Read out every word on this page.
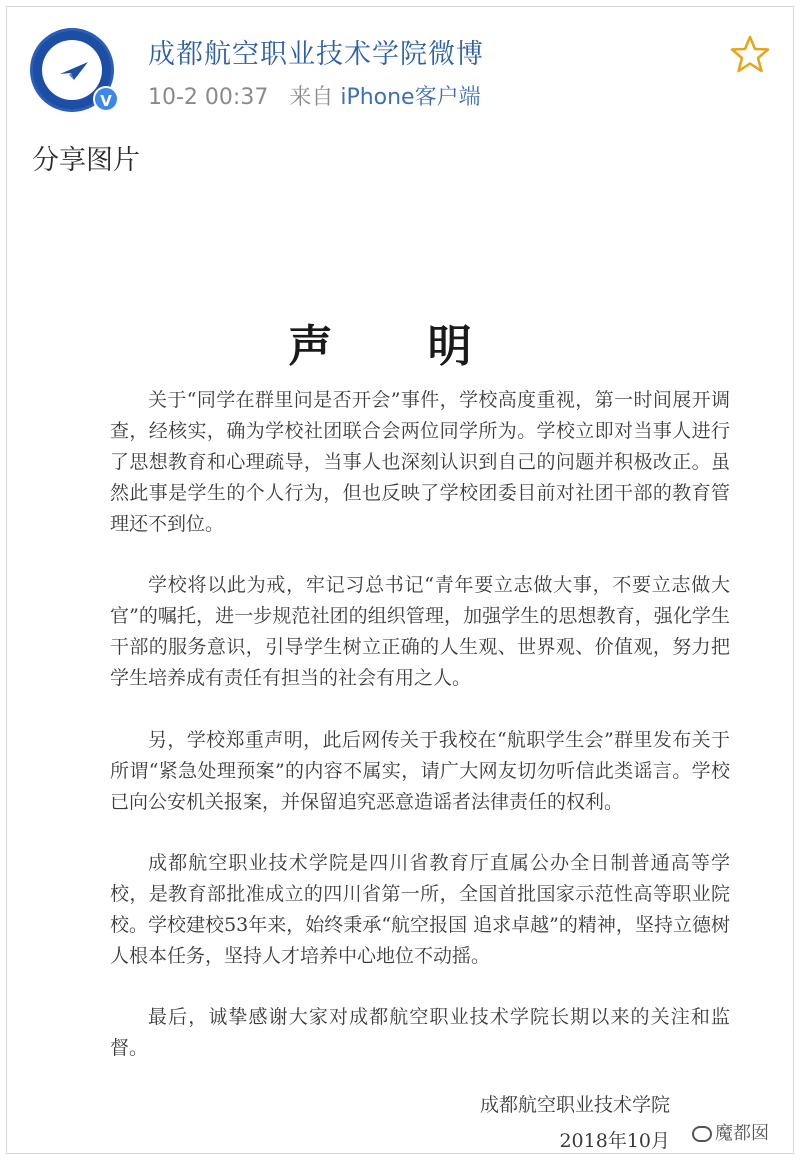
V
成都航空职业技术学院微博
10-2 00:37 来自 iPhone客户端
分享图片
声 明
关于“同学在群里问是否开会”事件，学校高度重视，第一时间展开调查，经核实，确为学校社团联合会两位同学所为。学校立即对当事人进行了思想教育和心理疏导，当事人也深刻认识到自己的问题并积极改正。虽然此事是学生的个人行为，但也反映了学校团委目前对社团干部的教育管理还不到位。
学校将以此为戒，牢记习总书记“青年要立志做大事，不要立志做大官”的嘱托，进一步规范社团的组织管理，加强学生的思想教育，强化学生干部的服务意识，引导学生树立正确的人生观、世界观、价值观，努力把学生培养成有责任有担当的社会有用之人。
另，学校郑重声明，此后网传关于我校在“航职学生会”群里发布关于所谓“紧急处理预案”的内容不属实，请广大网友切勿听信此类谣言。学校已向公安机关报案，并保留追究恶意造谣者法律责任的权利。
成都航空职业技术学院是四川省教育厅直属公办全日制普通高等学校，是教育部批准成立的四川省第一所，全国首批国家示范性高等职业院校。学校建校53年来，始终秉承“航空报国 追求卓越”的精神，坚持立德树人根本任务，坚持人才培养中心地位不动摇。
最后，诚挚感谢大家对成都航空职业技术学院长期以来的关注和监督。
成都航空职业技术学院
2018年10月	魔都囡
